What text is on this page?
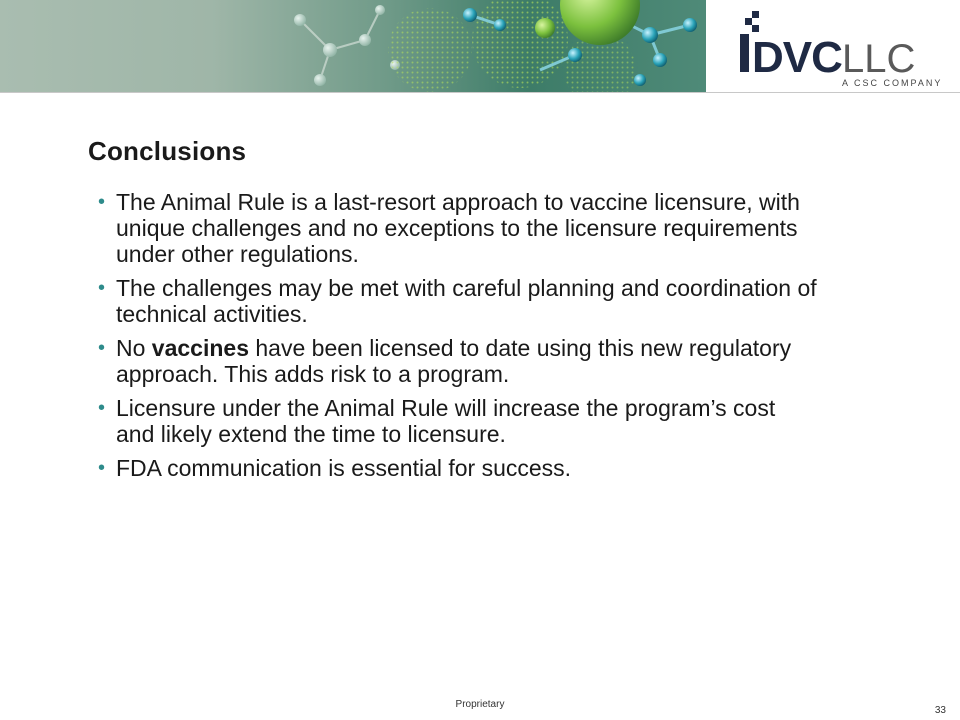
DVC LLC
A CSC COMPANY
Conclusions
• The Animal Rule is a last-resort approach to vaccine licensure, with unique challenges and no exceptions to the licensure requirements under other regulations.
• The challenges may be met with careful planning and coordination of technical activities.
• No vaccines have been licensed to date using this new regulatory approach. This adds risk to a program.
• Licensure under the Animal Rule will increase the program’s cost and likely extend the time to licensure.
• FDA communication is essential for success.
Proprietary
33
